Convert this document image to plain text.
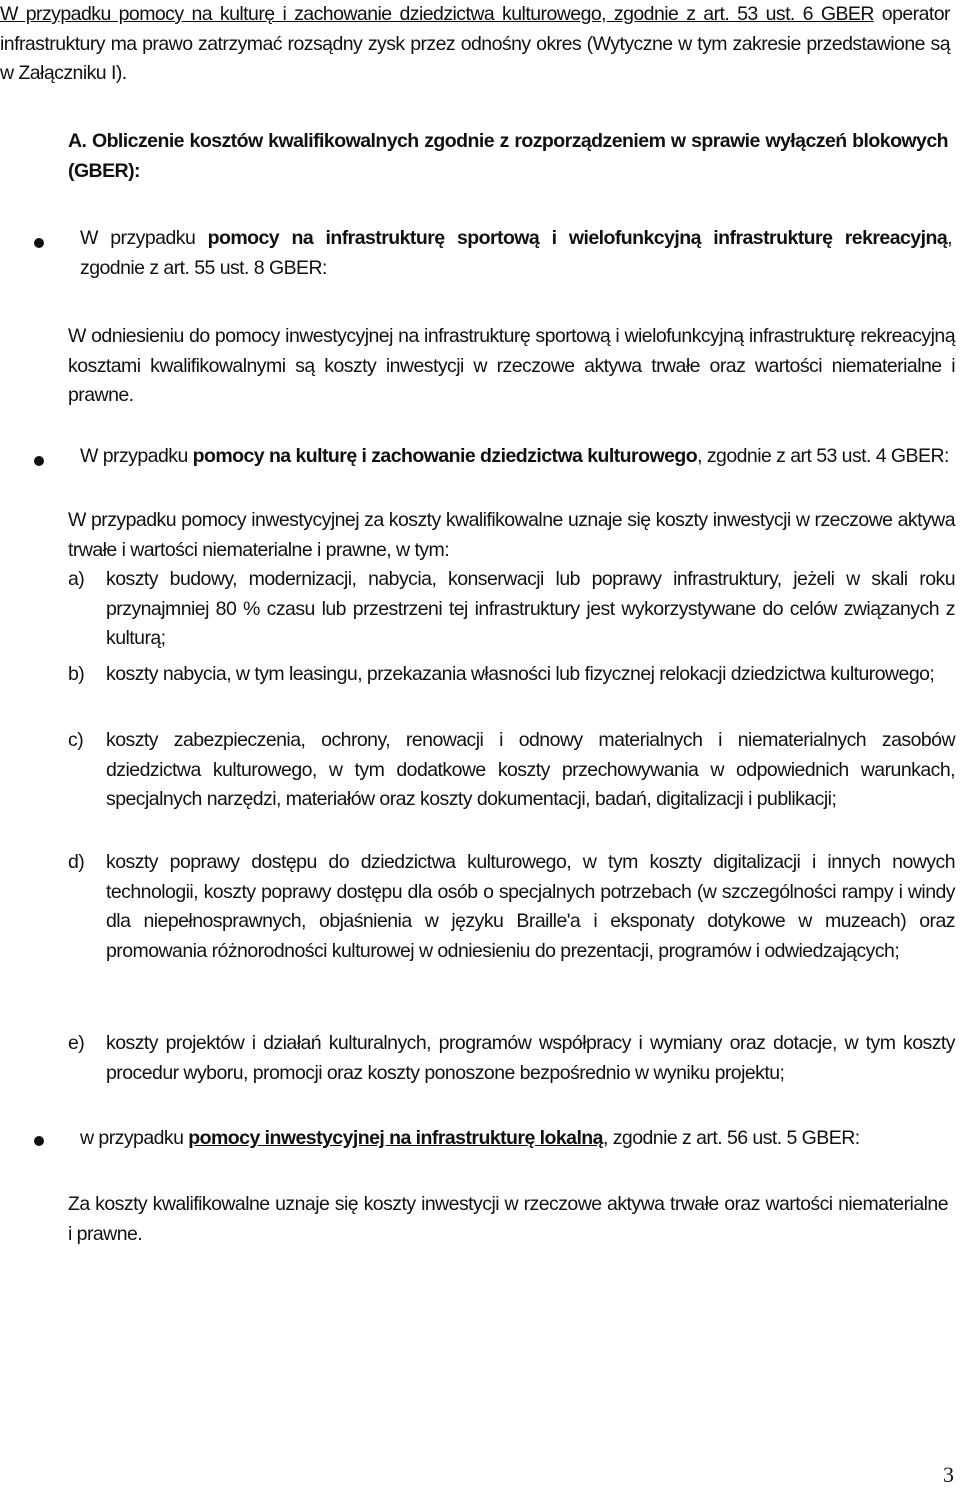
W przypadku pomocy na kulturę i zachowanie dziedzictwa kulturowego, zgodnie z art. 53 ust. 6 GBER operator infrastruktury ma prawo zatrzymać rozsądny zysk przez odnośny okres (Wytyczne w tym zakresie przedstawione są w Załączniku I).
A. Obliczenie kosztów kwalifikowalnych zgodnie z rozporządzeniem w sprawie wyłączeń blokowych (GBER):
W przypadku pomocy na infrastrukturę sportową i wielofunkcyjną infrastrukturę rekreacyjną, zgodnie z art. 55 ust. 8 GBER:
W odniesieniu do pomocy inwestycyjnej na infrastrukturę sportową i wielofunkcyjną infrastrukturę rekreacyjną kosztami kwalifikowalnymi są koszty inwestycji w rzeczowe aktywa trwałe oraz wartości niematerialne i prawne.
W przypadku pomocy na kulturę i zachowanie dziedzictwa kulturowego, zgodnie z art 53 ust. 4 GBER:
W przypadku pomocy inwestycyjnej za koszty kwalifikowalne uznaje się koszty inwestycji w rzeczowe aktywa trwałe i wartości niematerialne i prawne, w tym:
a)	koszty budowy, modernizacji, nabycia, konserwacji lub poprawy infrastruktury, jeżeli w skali roku przynajmniej 80 % czasu lub przestrzeni tej infrastruktury jest wykorzystywane do celów związanych z kulturą;
b)	koszty nabycia, w tym leasingu, przekazania własności lub fizycznej relokacji dziedzictwa kulturowego;
c)	koszty zabezpieczenia, ochrony, renowacji i odnowy materialnych i niematerialnych zasobów dziedzictwa kulturowego, w tym dodatkowe koszty przechowywania w odpowiednich warunkach, specjalnych narzędzi, materiałów oraz koszty dokumentacji, badań, digitalizacji i publikacji;
d)	koszty poprawy dostępu do dziedzictwa kulturowego, w tym koszty digitalizacji i innych nowych technologii, koszty poprawy dostępu dla osób o specjalnych potrzebach (w szczególności rampy i windy dla niepełnosprawnych, objaśnienia w języku Braille'a i eksponaty dotykowe w muzeach) oraz promowania różnorodności kulturowej w odniesieniu do prezentacji, programów i odwiedzających;
e)	koszty projektów i działań kulturalnych, programów współpracy i wymiany oraz dotacje, w tym koszty procedur wyboru, promocji oraz koszty ponoszone bezpośrednio w wyniku projektu;
w przypadku pomocy inwestycyjnej na infrastrukturę lokalną, zgodnie z art. 56 ust. 5 GBER:
Za koszty kwalifikowalne uznaje się koszty inwestycji w rzeczowe aktywa trwałe oraz wartości niematerialne i prawne.
3
